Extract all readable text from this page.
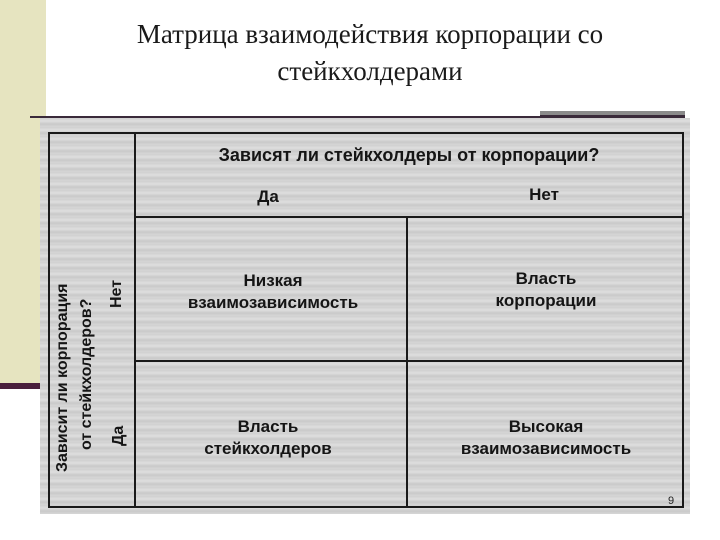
Матрица взаимодействия корпорации со
стейкхолдерами
Зависят ли стейкхолдеры от корпорации?
Да	Нет
Зависит ли корпорация от стейкхолдеров?
Нет
Да
Низкая
взаимозависимость
Власть
корпорации
Власть
стейкхолдеров
Высокая
взаимозависимость
9
